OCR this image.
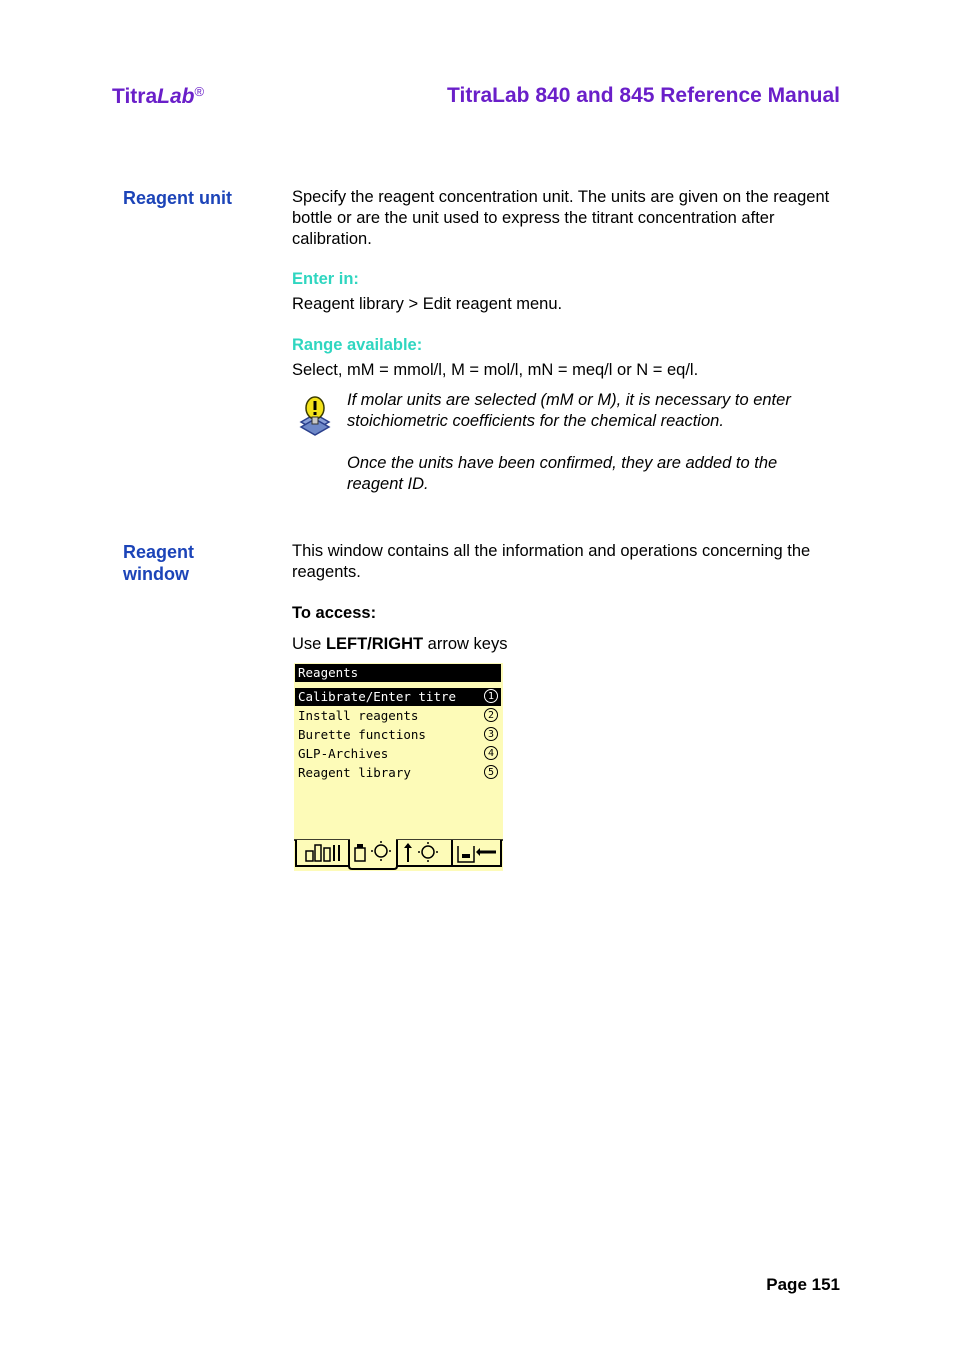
TitraLab®	TitraLab 840 and 845 Reference Manual
Reagent unit	Specify the reagent concentration unit. The units are given on the reagent bottle or are the unit used to express the titrant concentration after calibration.
Enter in:
Reagent library > Edit reagent menu.
Range available:
Select, mM = mmol/l, M = mol/l, mN = meq/l or N = eq/l.
If molar units are selected (mM or M), it is necessary to enter stoichiometric coefficients for the chemical reaction.
Once the units have been confirmed, they are added to the reagent ID.
Reagent
window
This window contains all the information and operations concerning the reagents.
To access:
Use LEFT/RIGHT arrow keys
Reagents
Calibrate/Enter titre	1
Install reagents	2
Burette functions	3
GLP-Archives	4
Reagent library	5
Page 151
